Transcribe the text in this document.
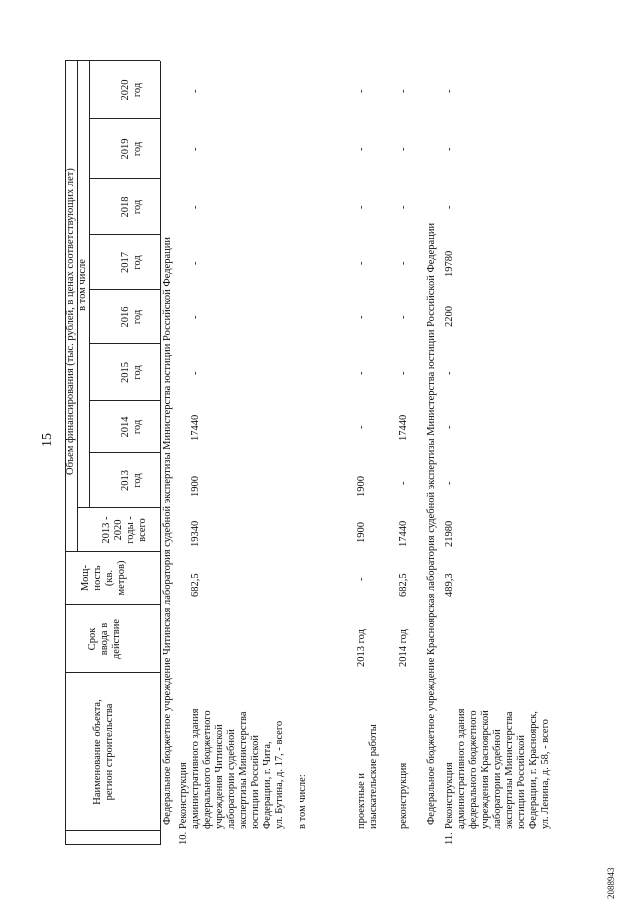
15
Наименование объекта,
регион строительства
Срок
ввода в
действие
Мощ-
ность
(кв.
метров)
Объем финансирования (тыс. рублей, в ценах соответствующих лет) в том числе
2013 -
2020
годы -
всего
2013
год
2014
год
2015
год
2016
год
2017
год
2018
год
2019
год
2020
год
Федеральное бюджетное учреждение Читинская лаборатория судебной экспертизы Министерства юстиции Российской Федерации
10.
Реконструкция
административного здания
федерального бюджетного
учреждения Читинской
лаборатории судебной
экспертизы Министерства
юстиции Российской
Федерации, г. Чита,
ул. Бутина, д. 17, - всего
682,5
19340
1900
17440
-
-
-
-
-
-
в том числе:	проектные и
изыскательские работы
2013 год
-
1900
1900
-
-
-
-
-
-
-
реконструкция
2014 год
682,5
17440
-
17440
-
-
-
-
-
-
Федеральное бюджетное учреждение Красноярская лаборатория судебной экспертизы Министерства юстиции Российской Федерации
11.
Реконструкция
административного здания
федерального бюджетного
учреждения Красноярской
лаборатории судебной
экспертизы Министерства
юстиции Российской
Федерации, г. Красноярск,
ул. Ленина, д. 58, - всего
489,3
21980
-
-
-
2200
19780
-
-
-
2088943
